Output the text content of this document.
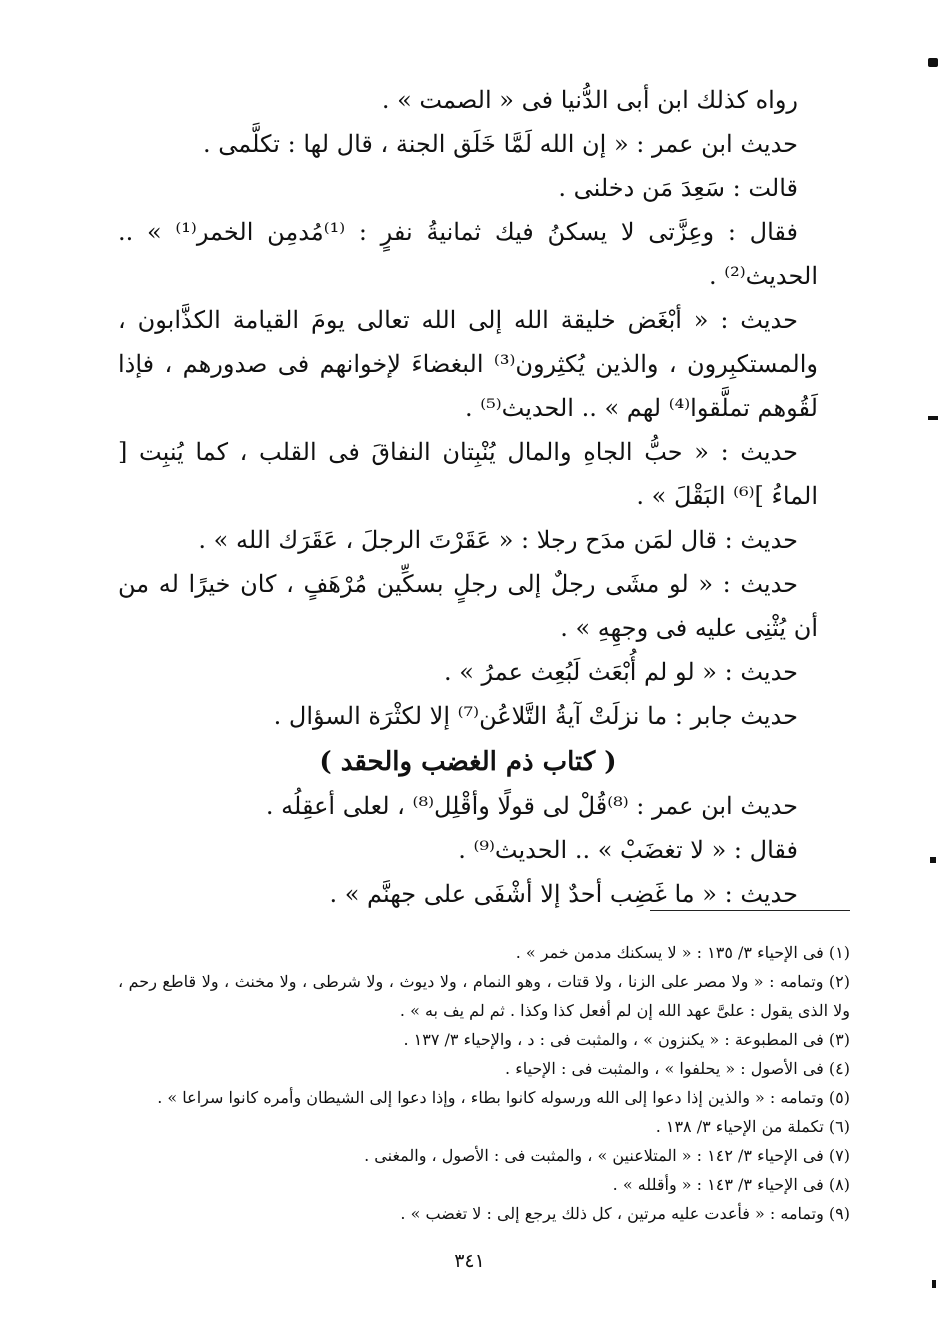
رواه كذلك ابن أبى الدُّنيا فى « الصمت » .

حديث ابن عمر : « إن الله لَمَّا خَلَق الجنة ، قال لها : تكلَّمى .

قالت : سَعِدَ مَن دخلنى .

فقال : وعِزَّتى لا يسكنُ فيك ثمانيةُ نفرٍ : ⁽¹⁾مُدمِن الخمر⁽¹⁾ » .. الحديث⁽²⁾ .

حديث : « أبْغَض خليقة الله إلى الله تعالى يومَ القيامة الكذَّابون ، والمستكبِرون ، والذين يُكثِرون⁽³⁾ البغضاءَ لإخوانهم فى صدورهم ، فإذا لَقُوهم تملَّقوا⁽⁴⁾ لهم » .. الحديث⁽⁵⁾ .

حديث : « حبُّ الجاهِ والمال يُنْبِتان النفاقَ فى القلب ، كما يُنبِت [ الماءُ ]⁽⁶⁾ البَقْلَ » .

حديث : قال لمَن مدَح رجلا : « عَقَرْتَ الرجلَ ، عَقَرَك الله » .

حديث : « لو مشَى رجلٌ إلى رجلٍ بسكِّين مُرْهَفٍ ، كان خيرًا له من أن يُثْنِى عليه فى وجهِهِ » .

حديث : « لو لم أُبْعَث لَبُعِث عمرُ » .

حديث جابر : ما نزلَتْ آيةُ التَّلاعُن⁽⁷⁾ إلا لكثْرَة السؤال .

( كتاب ذم الغضب والحقد )

حديث ابن عمر : ⁽⁸⁾قُلْ لى قولًا وأقْلِل⁽⁸⁾ ، لعلى أعقِلُه .

فقال : « لا تغضَبْ » .. الحديث⁽⁹⁾ .

حديث : « ما غَضِب أحدٌ إلا أشْفَى على جهنَّم » .

(١) فى الإحياء ٣/ ١٣٥ : « لا يسكنك مدمن خمر » .

(٢) وتمامه : « ولا مصر على الزنا ، ولا قتات ، وهو النمام ، ولا ديوث ، ولا شرطى ، ولا مخنث ، ولا قاطع رحم ، ولا الذى يقول : علىَّ عهد الله إن لم أفعل كذا وكذا . ثم لم يف به » .

(٣) فى المطبوعة : « يكنزون » ، والمثبت فى : د ، والإحياء ٣/ ١٣٧ .

(٤) فى الأصول : « يحلفوا » ، والمثبت فى : الإحياء .

(٥) وتمامه : « والذين إذا دعوا إلى الله ورسوله كانوا بطاء ، وإذا دعوا إلى الشيطان وأمره كانوا سراعا » .

(٦) تكملة من الإحياء ٣/ ١٣٨ .

(٧) فى الإحياء ٣/ ١٤٢ : « المتلاعنين » ، والمثبت فى : الأصول ، والمغنى .

(٨) فى الإحياء ٣/ ١٤٣ : « وأقلله » .

(٩) وتمامه : « فأعدت عليه مرتين ، كل ذلك يرجع إلى : لا تغضب » .

٣٤١
